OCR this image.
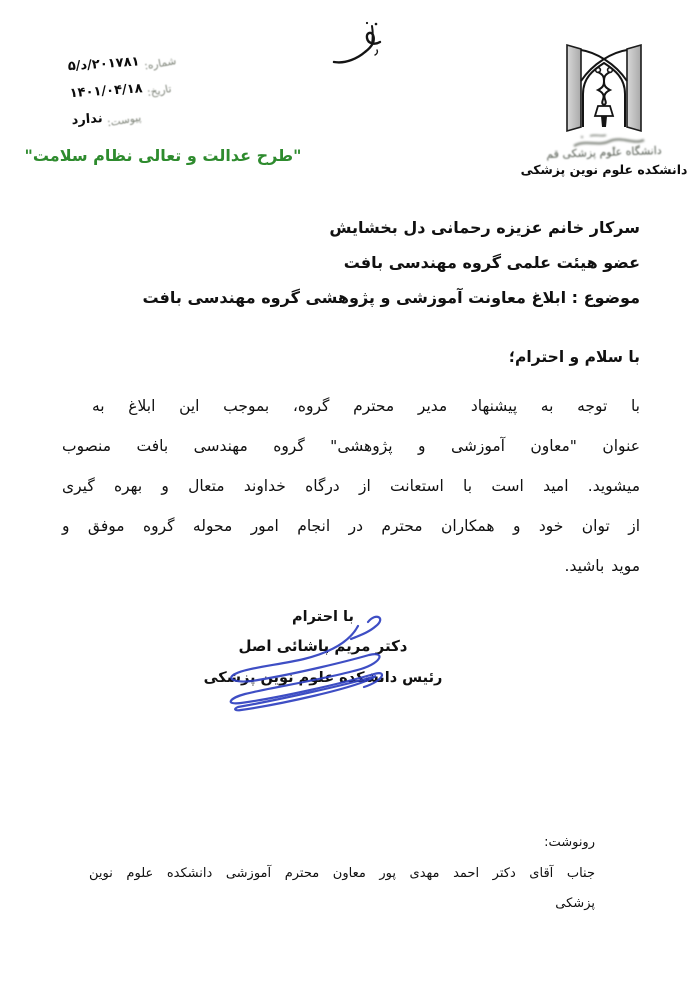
شماره:
۲۰۱۷۸۱/د/۵
تاریخ:
۱۴۰۱/۰۴/۱۸
پیوست:
ندارد
"طرح عدالت و تعالی نظام سلامت"	دانشگاه علوم پزشکی قم
دانشکده علوم نوین پزشکی
سرکار خانم عزیزه رحمانی دل بخشایش
عضو هیئت علمی گروه مهندسی بافت
موضوع : ابلاغ معاونت آموزشی و پژوهشی گروه مهندسی بافت
با سلام و احترام؛
با توجه به پیشنهاد مدیر محترم گروه، بموجب این ابلاغ به
عنوان "معاون آموزشی و پژوهشی" گروه مهندسی بافت منصوب
میشوید. امید است با استعانت از درگاه خداوند متعال و بهره گیری
از توان خود و همکاران محترم در انجام امور محوله گروه موفق و
موید باشید.
با احترام
دکتر مریم پاشائی اصل
رئیس دانشکده علوم نوین پزشکی
رونوشت:
جناب آقای دکتر احمد مهدی پور معاون محترم آموزشی دانشکده علوم نوین
پزشکی
